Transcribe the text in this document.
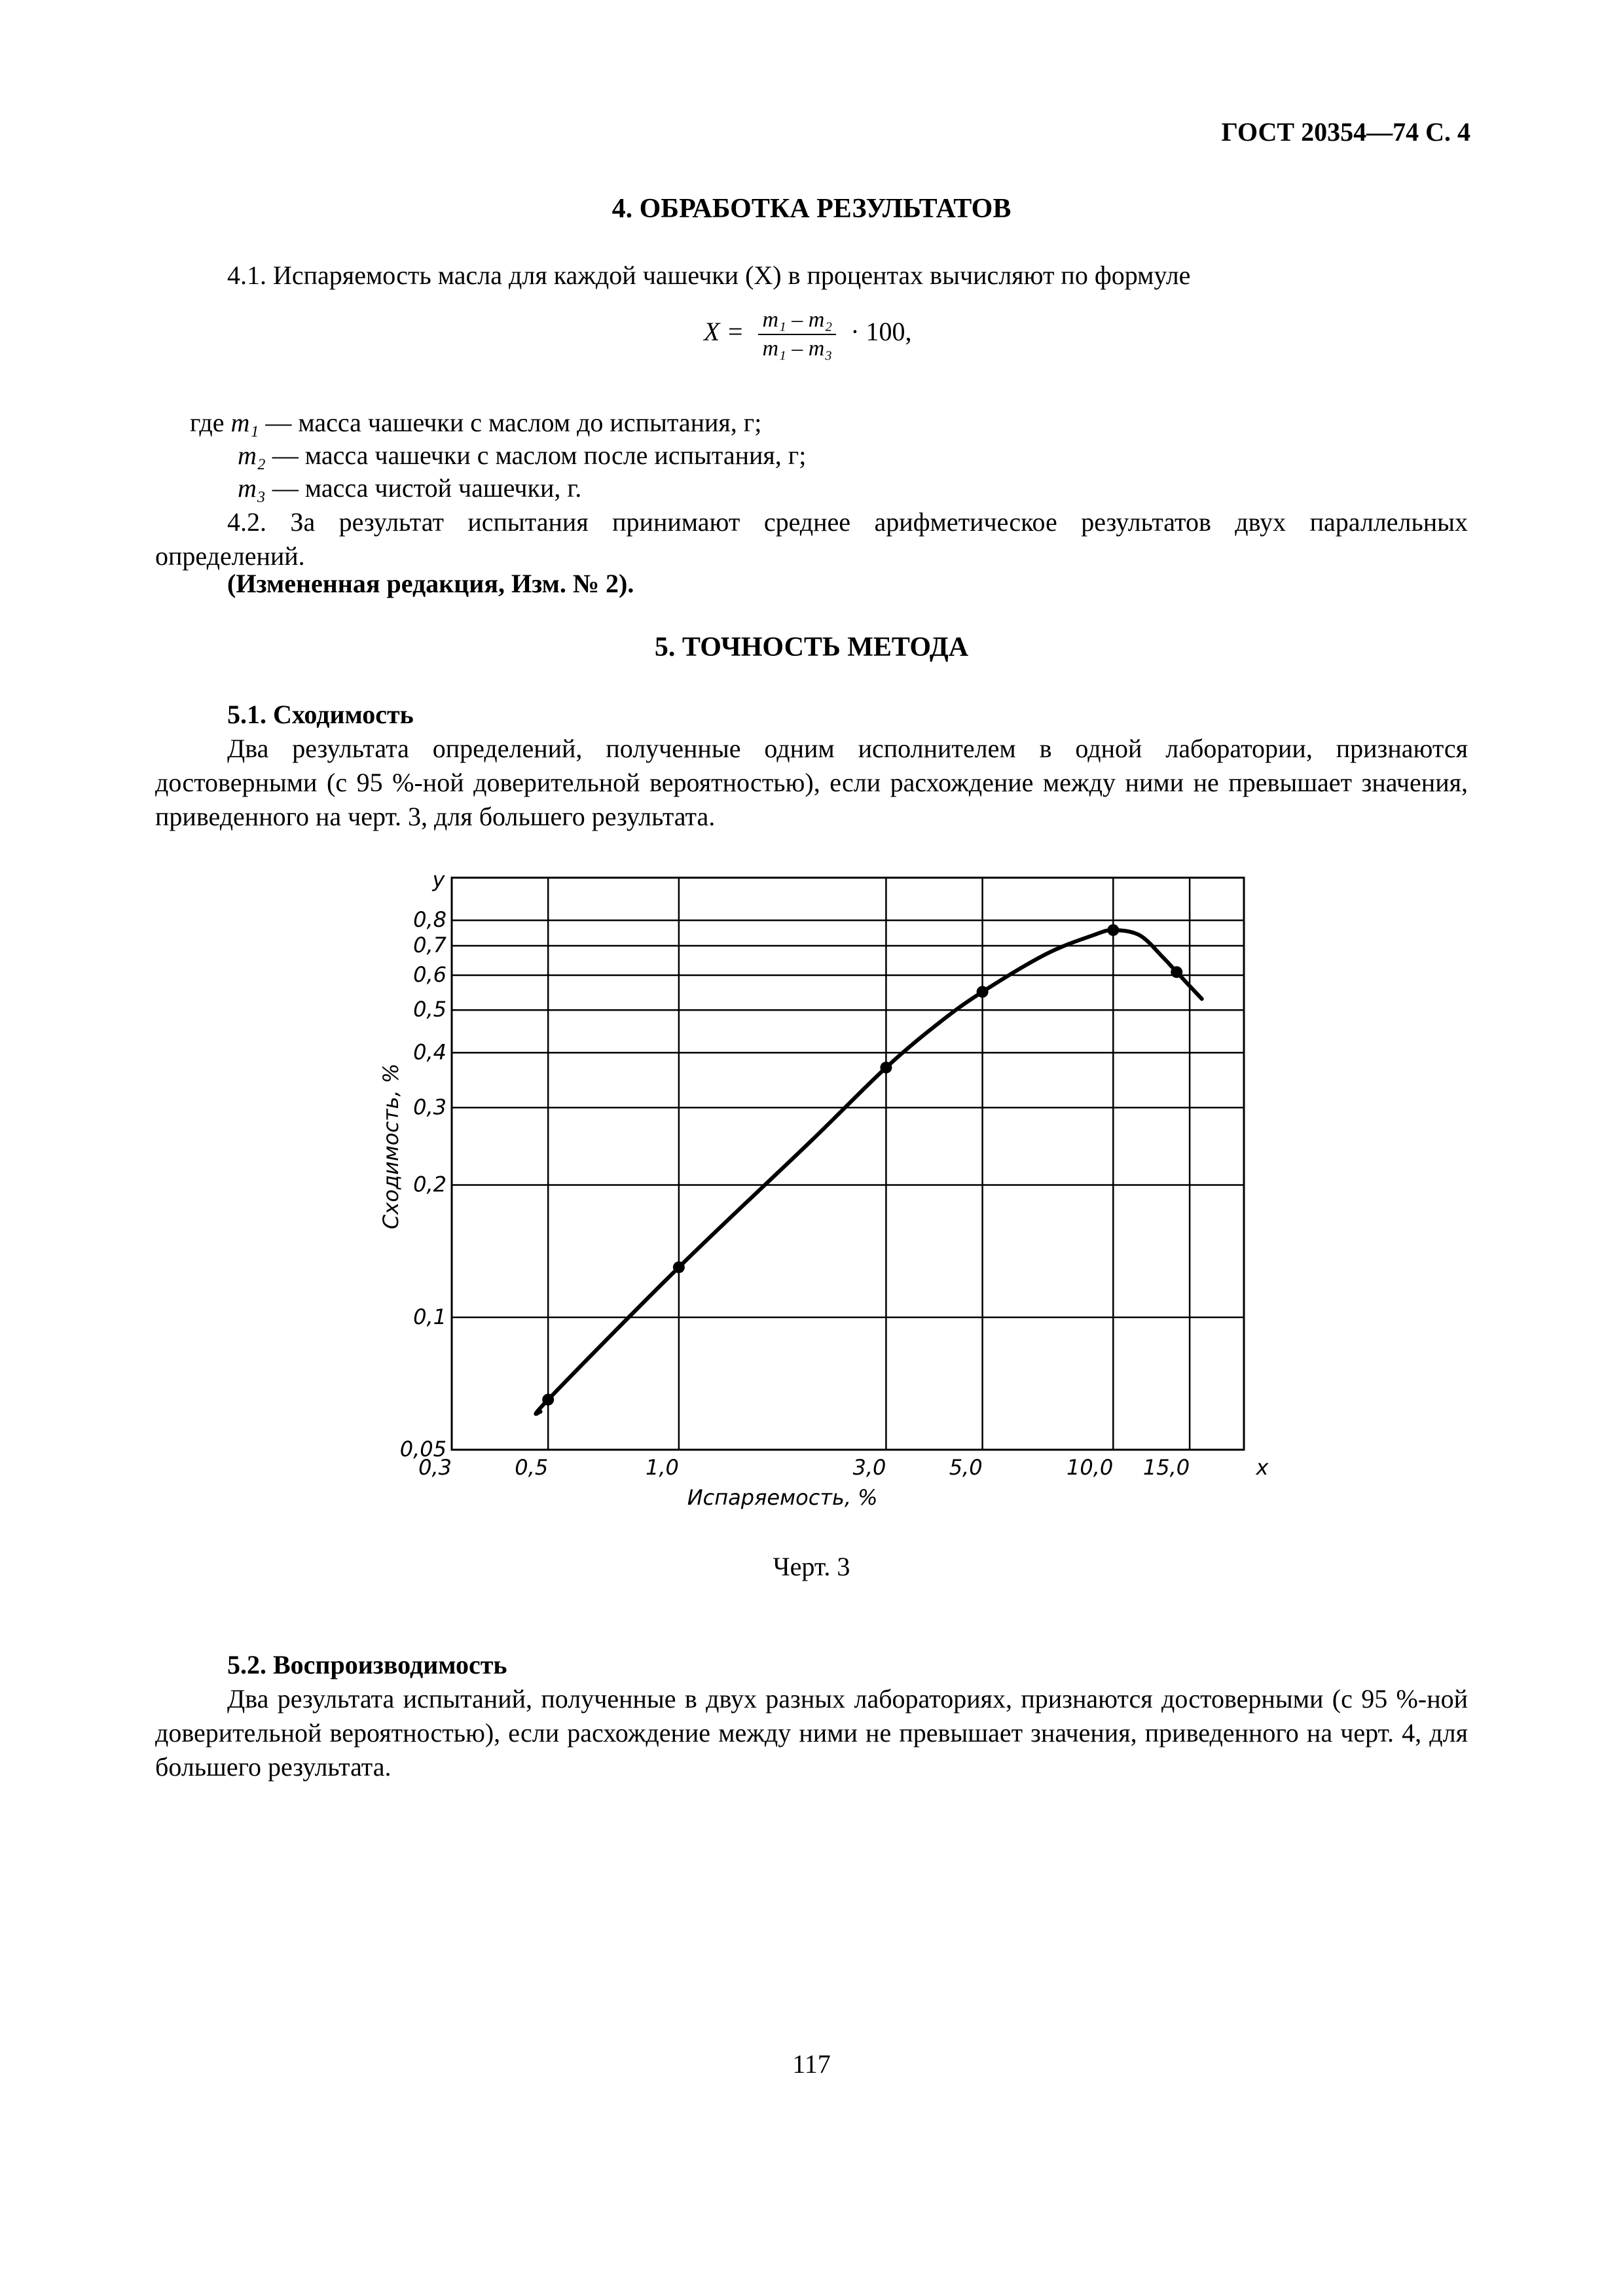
ГОСТ 20354—74 С. 4
4. ОБРАБОТКА РЕЗУЛЬТАТОВ
4.1. Испаряемость масла для каждой чашечки (X) в процентах вычисляют по формуле
$X = \frac{\text{m₁ – m₂}}{\text{m₁ – m₃}} \cdot 100$,
где m₁ — масса чашечки с маслом до испытания, г;
m₂ — масса чашечки с маслом после испытания, г;
m₃ — масса чистой чашечки, г.
4.2. За результат испытания принимают среднее арифметическое результатов двух параллельных определений.
(Измененная редакция, Изм. № 2).
5. ТОЧНОСТЬ МЕТОДА
5.1. Сходимость
Два результата определений, полученные одним исполнителем в одной лаборатории, признаются достоверными (с 95 %-ной доверительной вероятностью), если расхождение между ними не превышает значения, приведенного на черт. 3, для большего результата.
0,3	0,5	1,0	3,0	5,0	10,0 15,0
0,05
0,1
0,2
0,3
0,4
0,5
0,6
0,7
0,8
x
y
Испаряемость, %
Сходимость, %
Черт. 3
5.2. Воспроизводимость
Два результата испытаний, полученные в двух разных лабораториях, признаются достоверными (с 95 %-ной доверительной вероятностью), если расхождение между ними не превышает значения, приведенного на черт. 4, для большего результата.
117
